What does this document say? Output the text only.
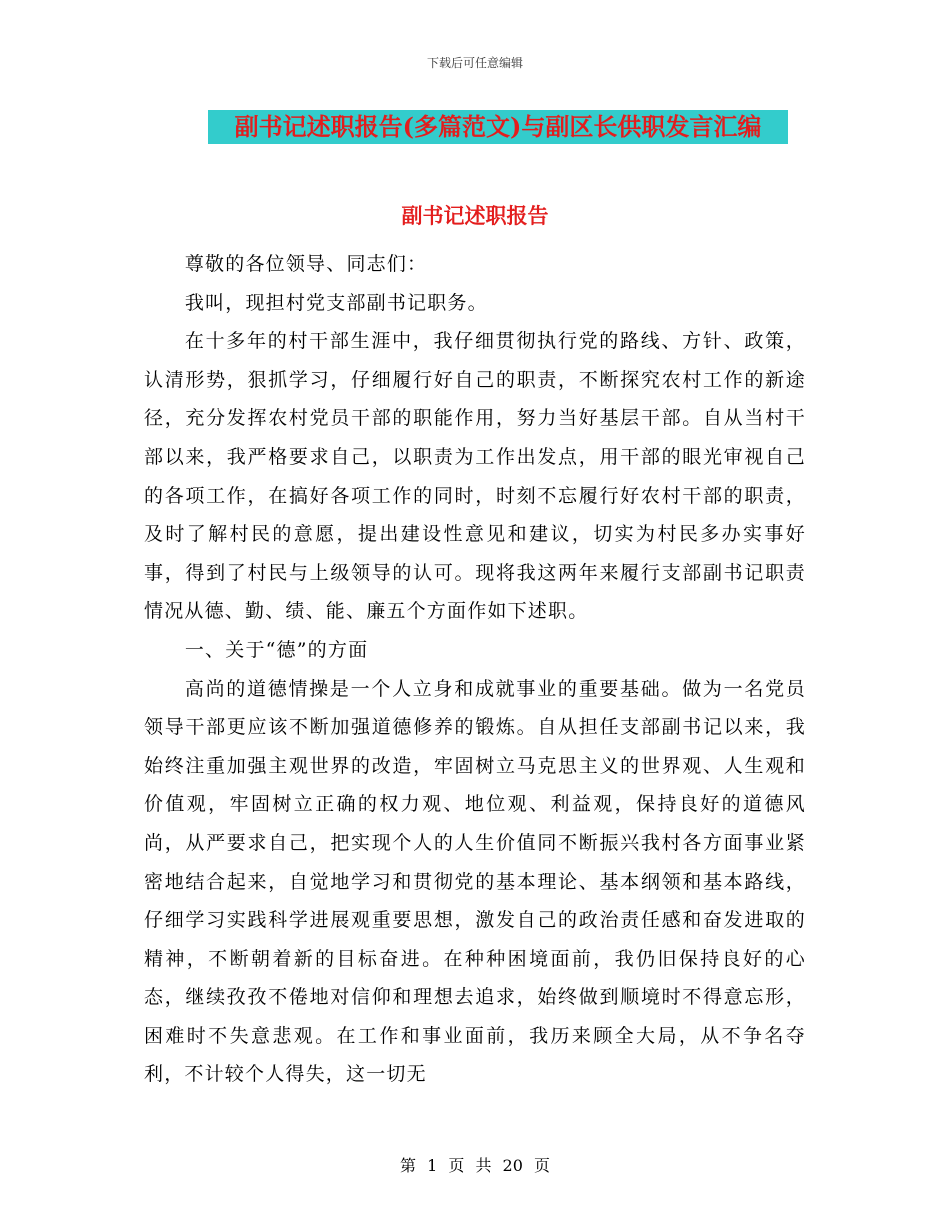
下载后可任意编辑
副书记述职报告(多篇范文)与副区长供职发言汇编
副书记述职报告

尊敬的各位领导、同志们：

我叫，现担村党支部副书记职务。

在十多年的村干部生涯中，我仔细贯彻执行党的路线、方针、政策，认清形势，狠抓学习，仔细履行好自己的职责，不断探究农村工作的新途径，充分发挥农村党员干部的职能作用，努力当好基层干部。自从当村干部以来，我严格要求自己，以职责为工作出发点，用干部的眼光审视自己的各项工作，在搞好各项工作的同时，时刻不忘履行好农村干部的职责，及时了解村民的意愿，提出建设性意见和建议，切实为村民多办实事好事，得到了村民与上级领导的认可。现将我这两年来履行支部副书记职责情况从德、勤、绩、能、廉五个方面作如下述职。

一、关于“德”的方面

高尚的道德情操是一个人立身和成就事业的重要基础。做为一名党员领导干部更应该不断加强道德修养的锻炼。自从担任支部副书记以来，我始终注重加强主观世界的改造，牢固树立马克思主义的世界观、人生观和价值观，牢固树立正确的权力观、地位观、利益观，保持良好的道德风尚，从严要求自己，把实现个人的人生价值同不断振兴我村各方面事业紧密地结合起来，自觉地学习和贯彻党的基本理论、基本纲领和基本路线，仔细学习实践科学进展观重要思想，激发自己的政治责任感和奋发进取的精神，不断朝着新的目标奋进。在种种困境面前，我仍旧保持良好的心态，继续孜孜不倦地对信仰和理想去追求，始终做到顺境时不得意忘形，困难时不失意悲观。在工作和事业面前，我历来顾全大局，从不争名夺利，不计较个人得失，这一切无

第 1 页 共 20 页
